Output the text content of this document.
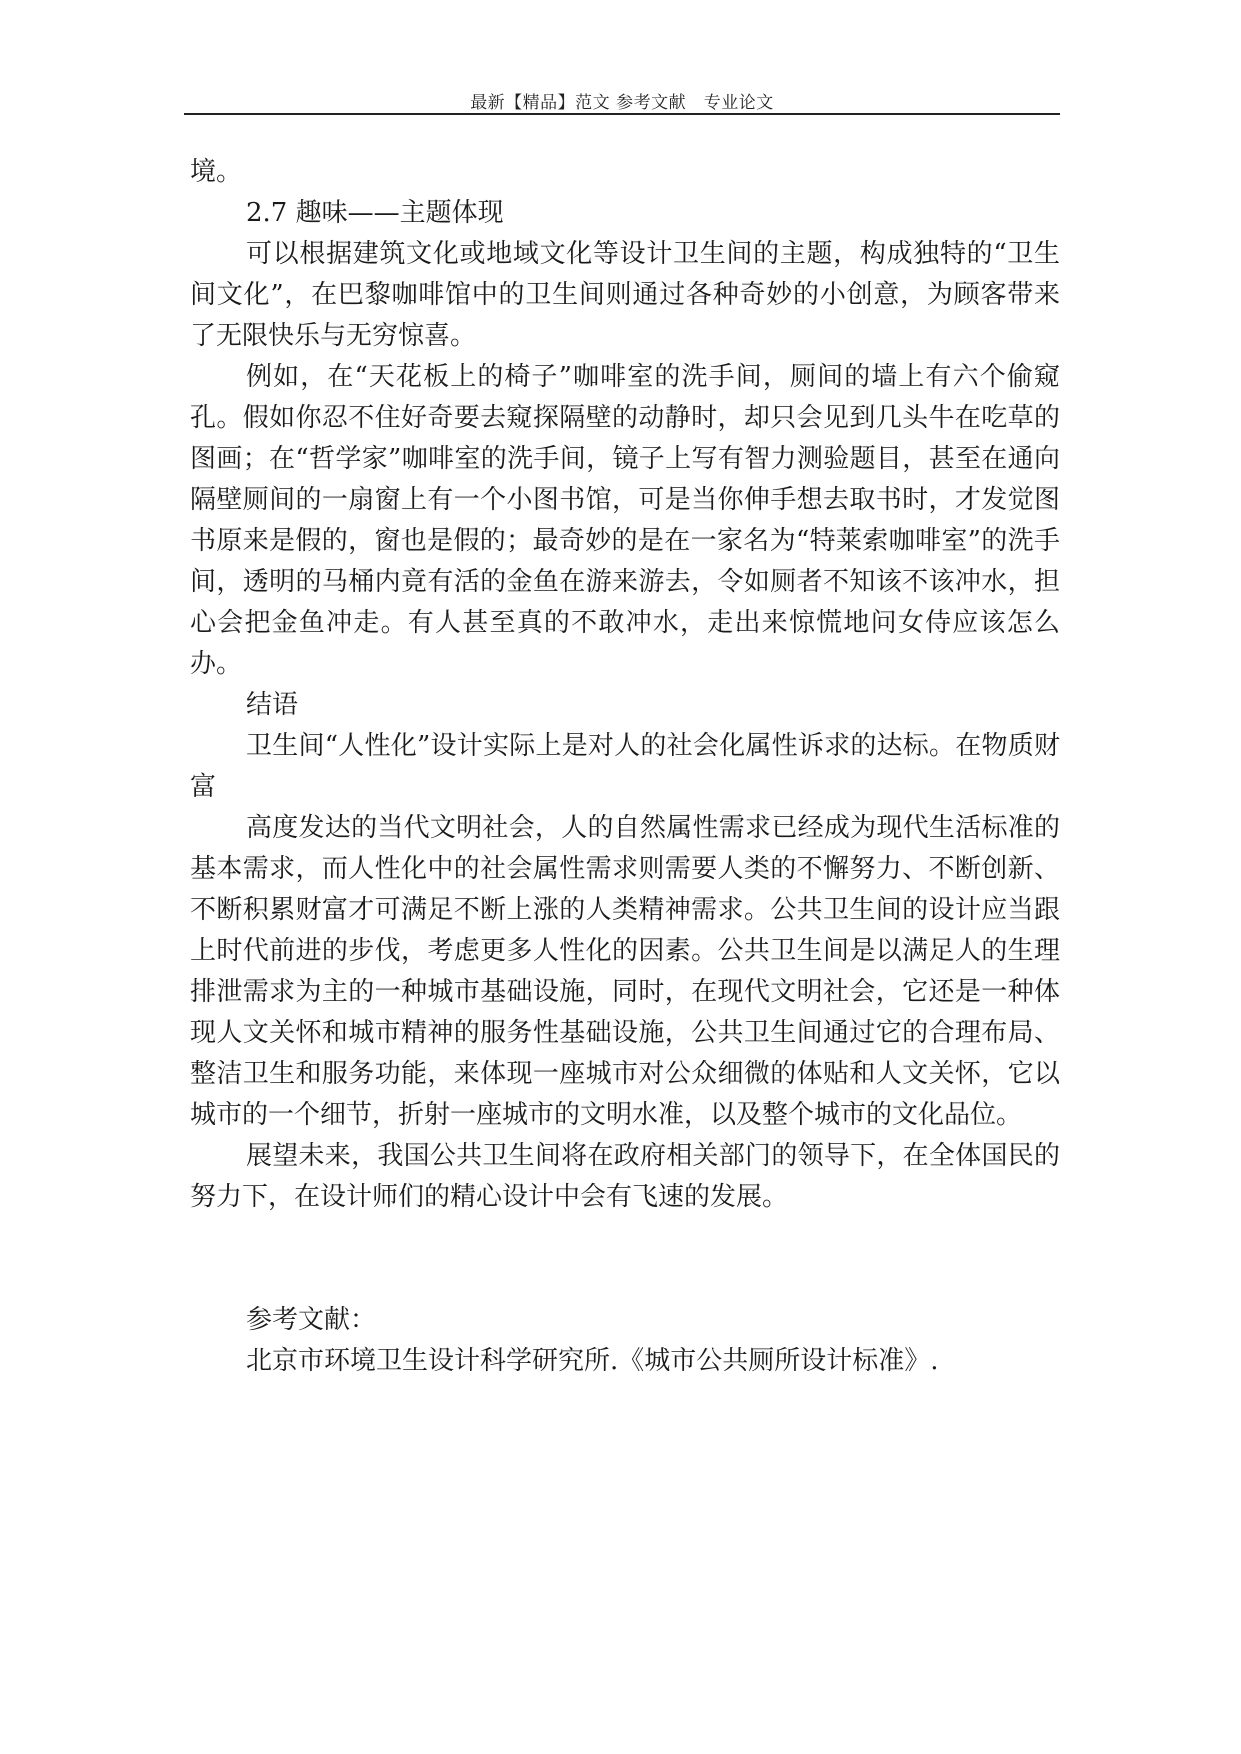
最新【精品】范文 参考文献   专业论文

境。

2.7 趣味——主题体现

可以根据建筑文化或地域文化等设计卫生间的主题，构成独特的“卫生间文化”，在巴黎咖啡馆中的卫生间则通过各种奇妙的小创意，为顾客带来了无限快乐与无穷惊喜。

例如，在“天花板上的椅子”咖啡室的洗手间，厕间的墙上有六个偷窥孔。假如你忍不住好奇要去窥探隔壁的动静时，却只会见到几头牛在吃草的图画；在“哲学家”咖啡室的洗手间，镜子上写有智力测验题目，甚至在通向隔壁厕间的一扇窗上有一个小图书馆，可是当你伸手想去取书时，才发觉图书原来是假的，窗也是假的；最奇妙的是在一家名为“特莱索咖啡室”的洗手间，透明的马桶内竟有活的金鱼在游来游去，令如厕者不知该不该冲水，担心会把金鱼冲走。有人甚至真的不敢冲水，走出来惊慌地问女侍应该怎么办。

结语

卫生间“人性化”设计实际上是对人的社会化属性诉求的达标。在物质财富

高度发达的当代文明社会，人的自然属性需求已经成为现代生活标准的基本需求，而人性化中的社会属性需求则需要人类的不懈努力、不断创新、不断积累财富才可满足不断上涨的人类精神需求。公共卫生间的设计应当跟上时代前进的步伐，考虑更多人性化的因素。公共卫生间是以满足人的生理排泄需求为主的一种城市基础设施，同时，在现代文明社会，它还是一种体现人文关怀和城市精神的服务性基础设施，公共卫生间通过它的合理布局、整洁卫生和服务功能，来体现一座城市对公众细微的体贴和人文关怀，它以城市的一个细节，折射一座城市的文明水准，以及整个城市的文化品位。

展望未来，我国公共卫生间将在政府相关部门的领导下，在全体国民的努力下，在设计师们的精心设计中会有飞速的发展。

参考文献：

北京市环境卫生设计科学研究所.《城市公共厕所设计标准》.
